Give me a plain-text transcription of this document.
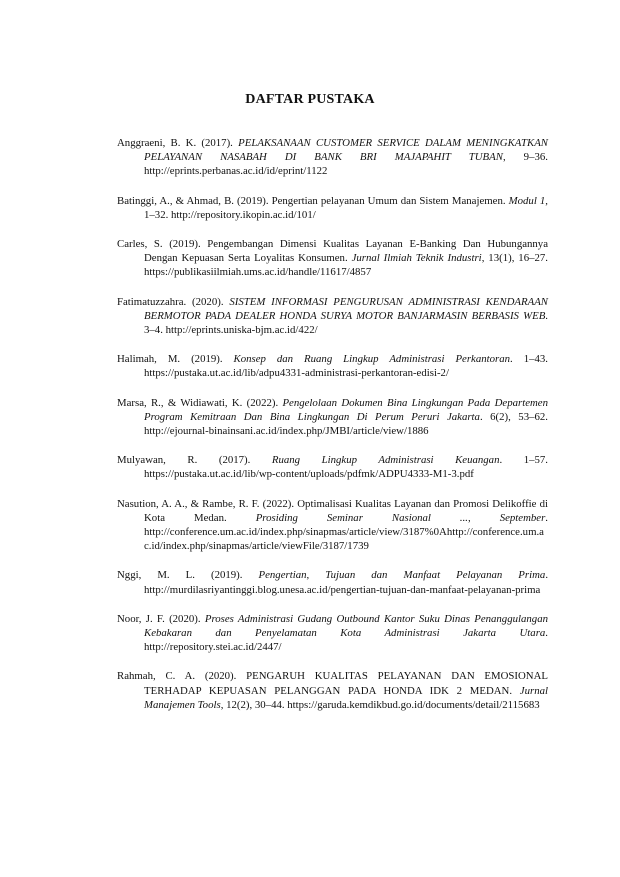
DAFTAR PUSTAKA

Anggraeni, B. K. (2017). PELAKSANAAN CUSTOMER SERVICE DALAM MENINGKATKAN PELAYANAN NASABAH DI BANK BRI MAJAPAHIT TUBAN, 9–36. http://eprints.perbanas.ac.id/id/eprint/1122

Batinggi, A., & Ahmad, B. (2019). Pengertian pelayanan Umum dan Sistem Manajemen. Modul 1, 1–32. http://repository.ikopin.ac.id/101/

Carles, S. (2019). Pengembangan Dimensi Kualitas Layanan E-Banking Dan Hubungannya Dengan Kepuasan Serta Loyalitas Konsumen. Jurnal Ilmiah Teknik Industri, 13(1), 16–27. https://publikasiilmiah.ums.ac.id/handle/11617/4857

Fatimatuzzahra. (2020). SISTEM INFORMASI PENGURUSAN ADMINISTRASI KENDARAAN BERMOTOR PADA DEALER HONDA SURYA MOTOR BANJARMASIN BERBASIS WEB. 3–4. http://eprints.uniska-bjm.ac.id/422/

Halimah, M. (2019). Konsep dan Ruang Lingkup Administrasi Perkantoran. 1–43. https://pustaka.ut.ac.id/lib/adpu4331-administrasi-perkantoran-edisi-2/

Marsa, R., & Widiawati, K. (2022). Pengelolaan Dokumen Bina Lingkungan Pada Departemen Program Kemitraan Dan Bina Lingkungan Di Perum Peruri Jakarta. 6(2), 53–62. http://ejournal-binainsani.ac.id/index.php/JMBI/article/view/1886

Mulyawan, R. (2017). Ruang Lingkup Administrasi Keuangan. 1–57. https://pustaka.ut.ac.id/lib/wp-content/uploads/pdfmk/ADPU4333-M1-3.pdf

Nasution, A. A., & Rambe, R. F. (2022). Optimalisasi Kualitas Layanan dan Promosi Delikoffie di Kota Medan. Prosiding Seminar Nasional ..., September. http://conference.um.ac.id/index.php/sinapmas/article/view/3187%0Ahttp://conference.um.ac.id/index.php/sinapmas/article/viewFile/3187/1739

Nggi, M. L. (2019). Pengertian, Tujuan dan Manfaat Pelayanan Prima. http://murdilasriyantinggi.blog.unesa.ac.id/pengertian-tujuan-dan-manfaat-pelayanan-prima

Noor, J. F. (2020). Proses Administrasi Gudang Outbound Kantor Suku Dinas Penanggulangan Kebakaran dan Penyelamatan Kota Administrasi Jakarta Utara. http://repository.stei.ac.id/2447/

Rahmah, C. A. (2020). PENGARUH KUALITAS PELAYANAN DAN EMOSIONAL TERHADAP KEPUASAN PELANGGAN PADA HONDA IDK 2 MEDAN. Jurnal Manajemen Tools, 12(2), 30–44. https://garuda.kemdikbud.go.id/documents/detail/2115683
